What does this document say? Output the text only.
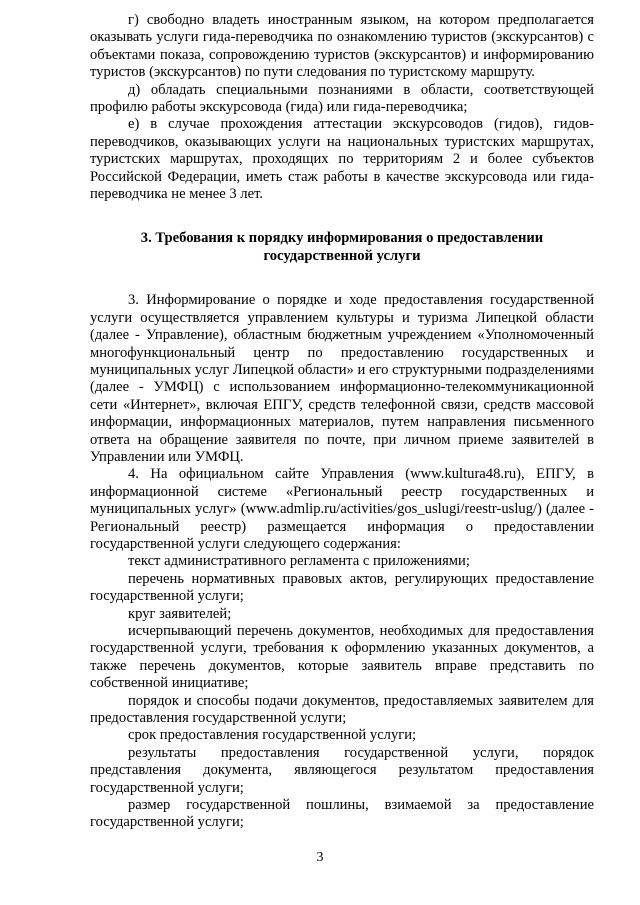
г) свободно владеть иностранным языком, на котором предполагается оказывать услуги гида-переводчика по ознакомлению туристов (экскурсантов) с объектами показа, сопровождению туристов (экскурсантов) и информированию туристов (экскурсантов) по пути следования по туристскому маршруту.

д) обладать специальными познаниями в области, соответствующей профилю работы экскурсовода (гида) или гида-переводчика;

е) в случае прохождения аттестации экскурсоводов (гидов), гидов-переводчиков, оказывающих услуги на национальных туристских маршрутах, туристских маршрутах, проходящих по территориям 2 и более субъектов Российской Федерации, иметь стаж работы в качестве экскурсовода или гида-переводчика не менее 3 лет.

3. Требования к порядку информирования о предоставлении государственной услуги

3. Информирование о порядке и ходе предоставления государственной услуги осуществляется управлением культуры и туризма Липецкой области (далее - Управление), областным бюджетным учреждением «Уполномоченный многофункциональный центр по предоставлению государственных и муниципальных услуг Липецкой области» и его структурными подразделениями (далее - УМФЦ) с использованием информационно-телекоммуникационной сети «Интернет», включая ЕПГУ, средств телефонной связи, средств массовой информации, информационных материалов, путем направления письменного ответа на обращение заявителя по почте, при личном приеме заявителей в Управлении или УМФЦ.

4. На официальном сайте Управления (www.kultura48.ru), ЕПГУ, в информационной системе «Региональный реестр государственных и муниципальных услуг» (www.admlip.ru/activities/gos_uslugi/reestr-uslug/) (далее - Региональный реестр) размещается информация о предоставлении государственной услуги следующего содержания:

текст административного регламента с приложениями;

перечень нормативных правовых актов, регулирующих предоставление государственной услуги;

круг заявителей;

исчерпывающий перечень документов, необходимых для предоставления государственной услуги, требования к оформлению указанных документов, а также перечень документов, которые заявитель вправе представить по собственной инициативе;

порядок и способы подачи документов, предоставляемых заявителем для предоставления государственной услуги;

срок предоставления государственной услуги;

результаты предоставления государственной услуги, порядок представления документа, являющегося результатом предоставления государственной услуги;

размер государственной пошлины, взимаемой за предоставление государственной услуги;

3
